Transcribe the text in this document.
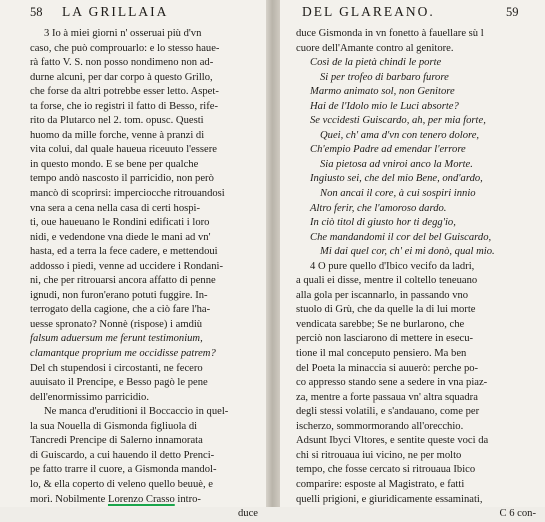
58 LA GRILLAIA
3 Io à miei giorni n' osseruai più d'vn
caso, che può comprouarlo: e lo stesso haue-
rà fatto V. S. non posso nondimeno non ad-
durne alcuni, per dar corpo à questo Grillo,
che forse da altri potrebbe esser letto. Aspet-
ta forse, che io registri il fatto di Besso, rife-
rito da Plutarco nel 2. tom. opusc. Questi
huomo da mille forche, venne à pranzi di
vita colui, dal quale haueua riceuuto l'essere
in questo mondo. E se bene per qualche
tempo andò nascosto il parricidio, non però
mancò di scoprirsi: imperciocche ritrouandosi
vna sera a cena nella casa di certi hospi-
ti, oue haueuano le Rondini edificati i loro
nidi, e vedendone vna diede le mani ad vn'
hasta, ed a terra la fece cadere, e mettendoui
addosso i piedi, venne ad uccidere i Rondani-
ni, che per ritrouarsi ancora affatto di penne
ignudi, non furon'erano potuti fuggire. In-
terrogato della cagione, che a ciò fare l'ha-
uesse spronato? Nonnè (rispose) i amdiù
falsum aduersum me ferunt testimonium,
clamantque proprium me occidisse patrem?
Del ch stupendosi i circostanti, ne fecero
auuisato il Prencipe, e Besso pagò le pene
dell'enormissimo parricidio.
Ne manca d'eruditioni il Boccaccio in quel-
la sua Nouella di Gismonda figliuola di
Tancredi Prencipe di Salerno innamorata
di Guiscardo, a cui hauendo il detto Prenci-
pe fatto trarre il cuore, a Gismonda mandol-
lo, & ella coperto di veleno quello beuuè, e
morì. Nobilmente Lorenzo Crasso intro-
duce
DEL GLAREANO.	59
duce Gismonda in vn fonetto à fauellare sù l
cuore dell'Amante contro al genitore.
Così de la pietà chindi le porte
Si per trofeo di barbaro furore
Marmo animato sol, non Genitore
Hai de l'Idolo mio le Luci absorte?
Se vccidesti Guiscardo, ah, per mia forte,
Quei, ch' ama d'vn con tenero dolore,
Ch'empio Padre ad emendar l'errore
Sia pietosa ad vniroi anco la Morte.
Ingiusto sei, che del mio Bene, ond'ardo,
Non ancai il core, à cui sospiri innio
Altro ferir, che l'amoroso dardo.
In ciò titol di giusto hor ti degg'io,
Che mandandomi il cor del bel Guiscardo,
Mi dai quel cor, ch' ei mi donò, qual mio.
4 O pure quello d'Ibico vecifo da ladri,
a quali ei disse, mentre il coltello teneuano
alla gola per iscannarlo, in passando vno
stuolo di Grù, che da quelle la di lui morte
vendicata sarebbe; Se ne burlarono, che
perciò non lasciarono di mettere in esecu-
tione il mal conceputo pensiero. Ma ben
del Poeta la minaccia si auuerò: perche po-
co appresso stando sene a sedere in vna piaz-
za, mentre a forte passaua vn' altra squadra
degli stessi volatili, e s'andauano, come per
ischerzo, sommormorando all'orecchio.
Adsunt Ibyci Vltores, e sentite queste voci da
chi si ritrouaua iui vicino, ne per molto
tempo, che fosse cercato si ritrouaua Ibico
comparire: esposte al Magistrato, e fatti
quelli prigioni, e giuridicamente essaminati,
C 6 con-
